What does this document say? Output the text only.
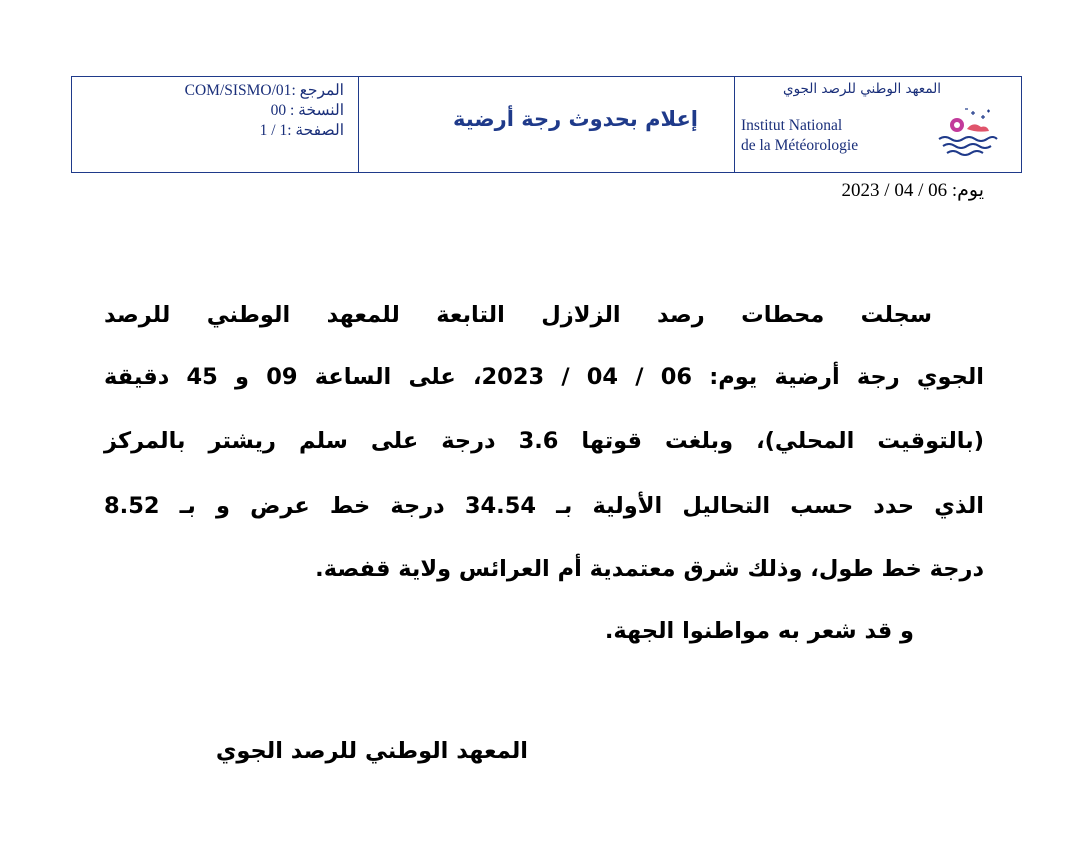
المرجع :COM/SISMO/01
النسخة : 00
الصفحة :1 / 1	إعلام بحدوث رجة أرضية
المعهد الوطني للرصد الجوي
Institut National
de la Météorologie
يوم: 06 / 04 / 2023
سجلت محطات رصد الزلازل التابعة للمعهد الوطني للرصد
الجوي رجة أرضية يوم: 06 / 04 / 2023، على الساعة 09 و 45 دقيقة
(بالتوقيت المحلي)، وبلغت قوتها 3.6 درجة على سلم ريشتر بالمركز
الذي حدد حسب التحاليل الأولية بـ 34.54 درجة خط عرض و بـ 8.52
درجة خط طول، وذلك شرق معتمدية أم العرائس ولاية قفصة.
و قد شعر به مواطنوا الجهة.
المعهد الوطني للرصد الجوي
